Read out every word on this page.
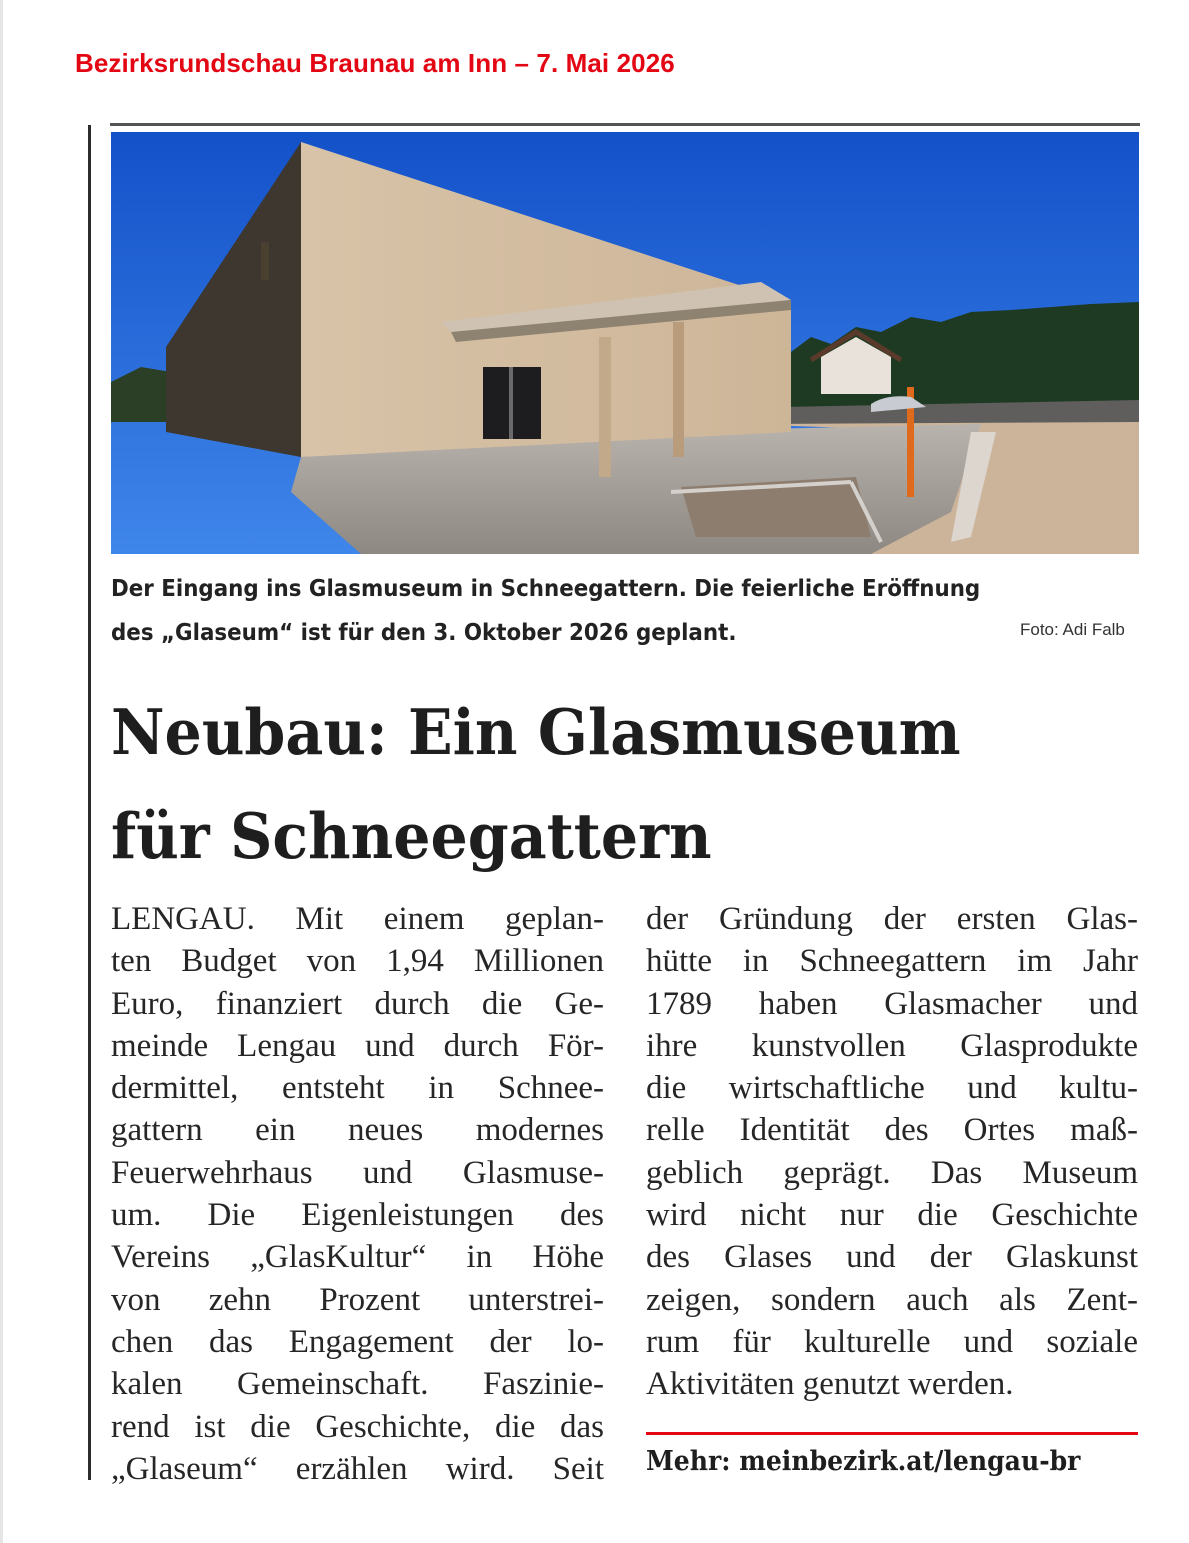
Bezirksrundschau Braunau am Inn – 7. Mai 2026
Der Eingang ins Glasmuseum in Schneegattern. Die feierliche Eröffnung
des „Glaseum“ ist für den 3. Oktober 2026 geplant.	Foto: Adi Falb
Neubau: Ein Glasmuseum
für Schneegattern
LENGAU. Mit einem geplan-
ten Budget von 1,94 Millionen
Euro, finanziert durch die Ge-
meinde Lengau und durch För-
dermittel, entsteht in Schnee-
gattern ein neues modernes
Feuerwehrhaus und Glasmuse-
um. Die Eigenleistungen des
Vereins „GlasKultur“ in Höhe
von zehn Prozent unterstrei-
chen das Engagement der lo-
kalen Gemeinschaft. Faszinie-
rend ist die Geschichte, die das
„Glaseum“ erzählen wird. Seit
der Gründung der ersten Glas-
hütte in Schneegattern im Jahr
1789 haben Glasmacher und
ihre kunstvollen Glasprodukte
die wirtschaftliche und kultu-
relle Identität des Ortes maß-
geblich geprägt. Das Museum
wird nicht nur die Geschichte
des Glases und der Glaskunst
zeigen, sondern auch als Zent-
rum für kulturelle und soziale
Aktivitäten genutzt werden.
Mehr: meinbezirk.at/lengau-br
